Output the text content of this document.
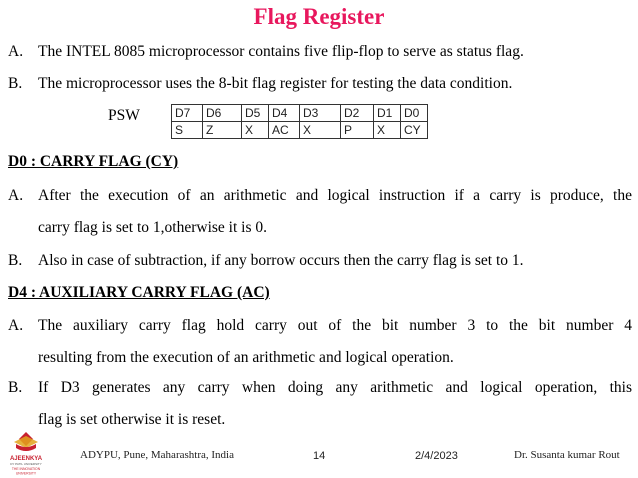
Flag Register
A. The INTEL 8085 microprocessor contains five flip-flop to serve as status flag.
B.	The microprocessor uses the 8-bit flag register for testing the data condition.
PSW	D7	D6	D5	D4	D3	D2	D1	D0
S	Z	X	AC	X	P	X	CY
D0 : CARRY FLAG (CY)
A. After the execution of an arithmetic and logical instruction if a carry is produce, the
carry flag is set to 1,otherwise it is 0.
B.	Also in case of subtraction, if any borrow occurs then the carry flag is set to 1.
D4 : AUXILIARY CARRY FLAG (AC)
A. The auxiliary carry flag hold carry out of the bit number 3 to the bit number 4
resulting from the execution of an arithmetic and logical operation.
B.	If D3 generates any carry when doing any arithmetic and logical operation, this
flag is set otherwise it is reset.
AJEENKYA
DY PATIL UNIVERSITY
THE INNOVATION
UNIVERSITY
ADYPU, Pune, Maharashtra, India	14	2/4/2023	Dr. Susanta kumar Rout
